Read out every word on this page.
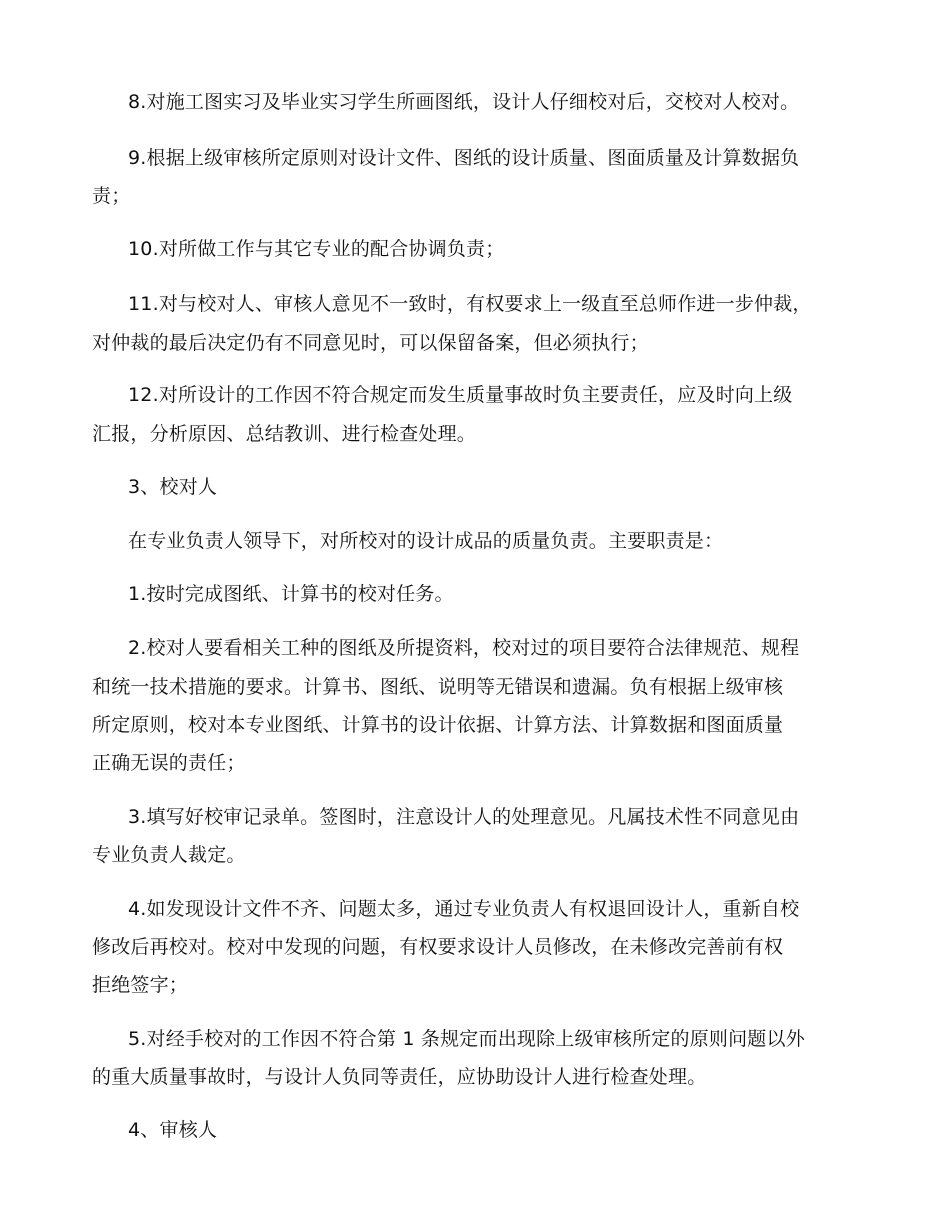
8.对施工图实习及毕业实习学生所画图纸，设计人仔细校对后，交校对人校对。
9.根据上级审核所定原则对设计文件、图纸的设计质量、图面质量及计算数据负
责；
10.对所做工作与其它专业的配合协调负责；
11.对与校对人、审核人意见不一致时，有权要求上一级直至总师作进一步仲裁，
对仲裁的最后决定仍有不同意见时，可以保留备案，但必须执行；
12.对所设计的工作因不符合规定而发生质量事故时负主要责任，应及时向上级
汇报，分析原因、总结教训、进行检查处理。
3、校对人
在专业负责人领导下，对所校对的设计成品的质量负责。主要职责是：
1.按时完成图纸、计算书的校对任务。
2.校对人要看相关工种的图纸及所提资料，校对过的项目要符合法律规范、规程
和统一技术措施的要求。计算书、图纸、说明等无错误和遗漏。负有根据上级审核
所定原则，校对本专业图纸、计算书的设计依据、计算方法、计算数据和图面质量
正确无误的责任；
3.填写好校审记录单。签图时，注意设计人的处理意见。凡属技术性不同意见由
专业负责人裁定。
4.如发现设计文件不齐、问题太多，通过专业负责人有权退回设计人，重新自校
修改后再校对。校对中发现的问题，有权要求设计人员修改，在未修改完善前有权
拒绝签字；
5.对经手校对的工作因不符合第 1 条规定而出现除上级审核所定的原则问题以外
的重大质量事故时，与设计人负同等责任，应协助设计人进行检查处理。
4、审核人
